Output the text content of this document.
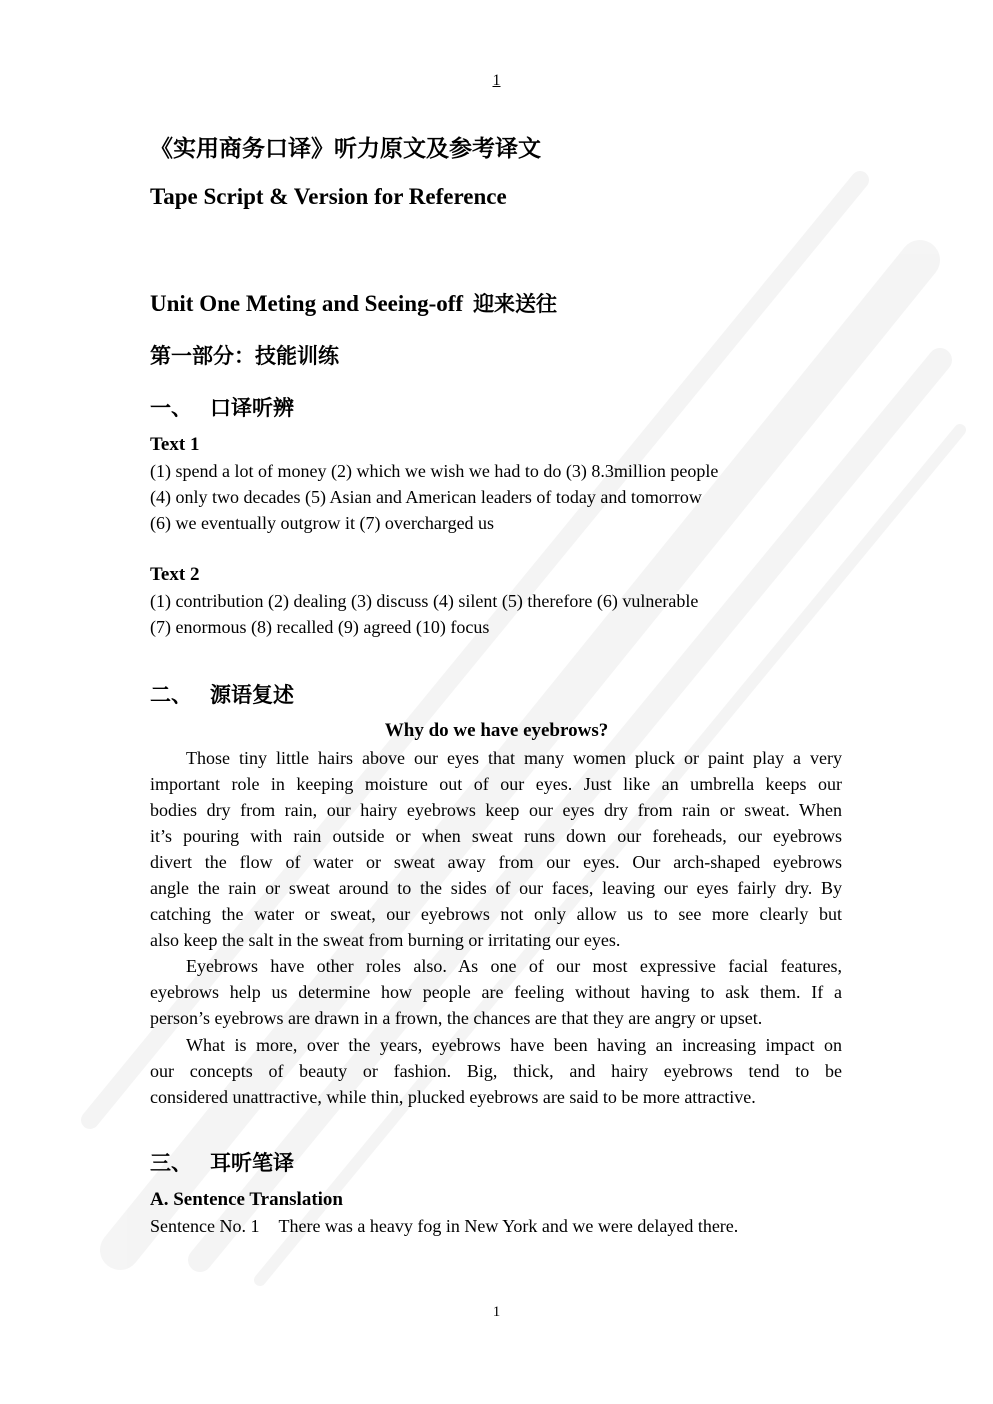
1
《实用商务口译》听力原文及参考译文
Tape Script & Version for Reference
Unit One Meting and Seeing-off 迎来送往
第一部分：技能训练
一、 口译听辨
Text 1
(1) spend a lot of money (2) which we wish we had to do (3) 8.3million people
(4) only two decades (5) Asian and American leaders of today and tomorrow
(6) we eventually outgrow it (7) overcharged us
Text 2
(1) contribution (2) dealing (3) discuss (4) silent (5) therefore (6) vulnerable
(7) enormous (8) recalled (9) agreed (10) focus
二、 源语复述
Why do we have eyebrows?
Those tiny little hairs above our eyes that many women pluck or paint play a very
important role in keeping moisture out of our eyes. Just like an umbrella keeps our
bodies dry from rain, our hairy eyebrows keep our eyes dry from rain or sweat. When
it’s pouring with rain outside or when sweat runs down our foreheads, our eyebrows
divert the flow of water or sweat away from our eyes. Our arch-shaped eyebrows
angle the rain or sweat around to the sides of our faces, leaving our eyes fairly dry. By
catching the water or sweat, our eyebrows not only allow us to see more clearly but
also keep the salt in the sweat from burning or irritating our eyes.
Eyebrows have other roles also. As one of our most expressive facial features,
eyebrows help us determine how people are feeling without having to ask them. If a
person’s eyebrows are drawn in a frown, the chances are that they are angry or upset.
What is more, over the years, eyebrows have been having an increasing impact on
our concepts of beauty or fashion. Big, thick, and hairy eyebrows tend to be
considered unattractive, while thin, plucked eyebrows are said to be more attractive.
三、 耳听笔译
A. Sentence Translation
Sentence No. 1 There was a heavy fog in New York and we were delayed there.
1
